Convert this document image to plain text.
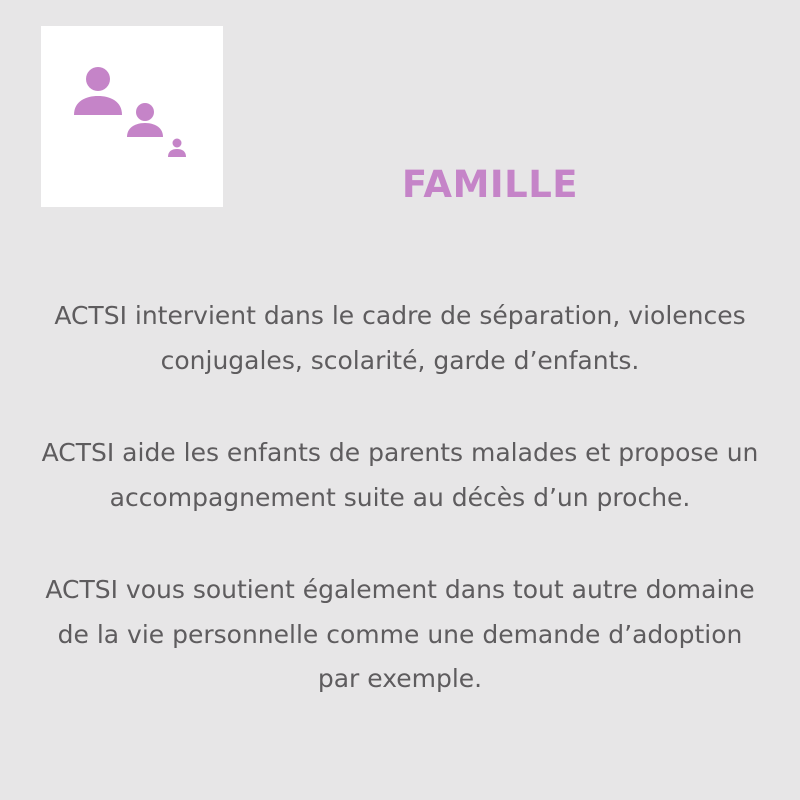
FAMILLE

ACTSI intervient dans le cadre de séparation, violences conjugales, scolarité, garde d’enfants.

ACTSI aide les enfants de parents malades et propose un accompagnement suite au décès d’un proche.

ACTSI vous soutient également dans tout autre domaine de la vie personnelle comme une demande d’adoption par exemple.
